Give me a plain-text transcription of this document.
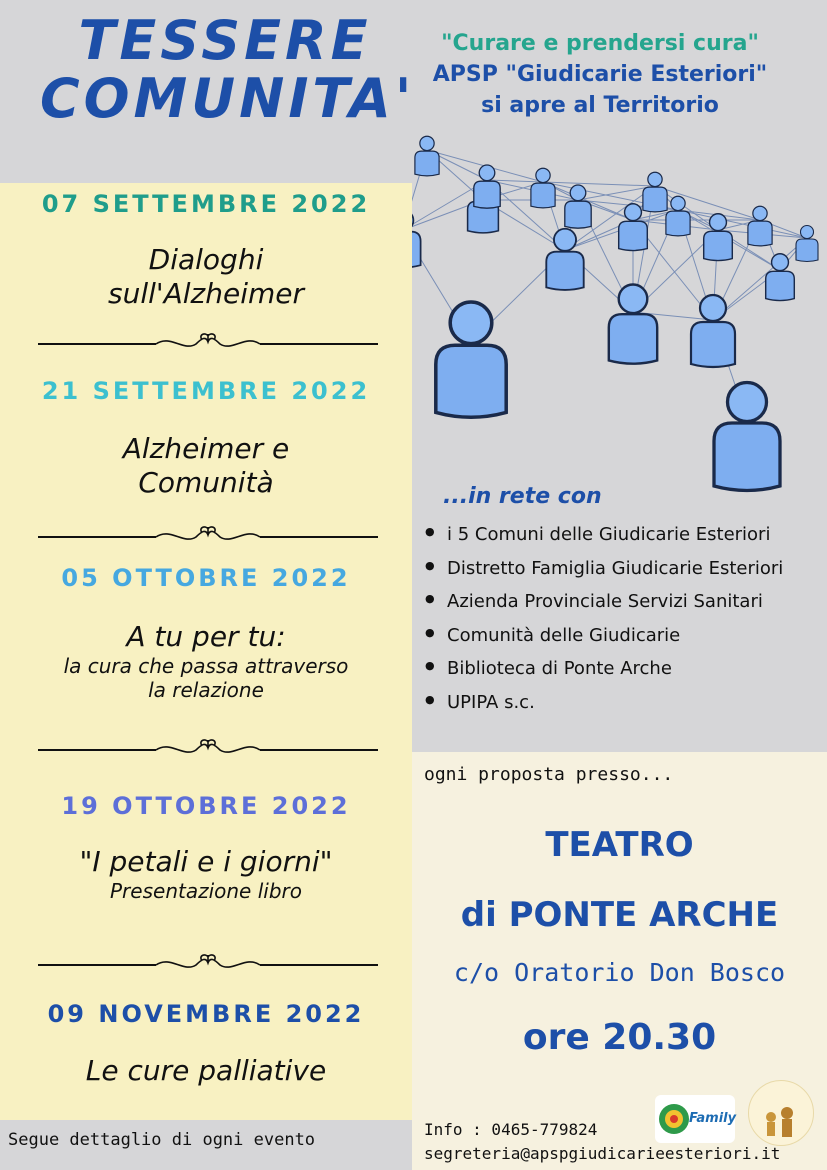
TESSERE
COMUNITA'
"Curare e prendersi cura"
APSP "Giudicarie Esteriori"
si apre al Territorio
07 SETTEMBRE 2022
Dialoghi
sull'Alzheimer
21 SETTEMBRE 2022
Alzheimer e
Comunità
05 OTTOBRE 2022
A tu per tu:
la cura che passa attraverso
la relazione
19 OTTOBRE 2022
"I petali e i giorni"
Presentazione libro
09 NOVEMBRE 2022
Le cure palliative
Segue dettaglio di ogni evento
...in rete con
● i 5 Comuni delle Giudicarie Esteriori
● Distretto Famiglia Giudicarie Esteriori
● Azienda Provinciale Servizi Sanitari
● Comunità delle Giudicarie
● Biblioteca di Ponte Arche
● UPIPA s.c.
ogni proposta presso...
TEATRO
di PONTE ARCHE
c/o Oratorio Don Bosco
ore 20.30
Info : 0465-779824
segreteria@apspgiudicarieesteriori.it
Family
